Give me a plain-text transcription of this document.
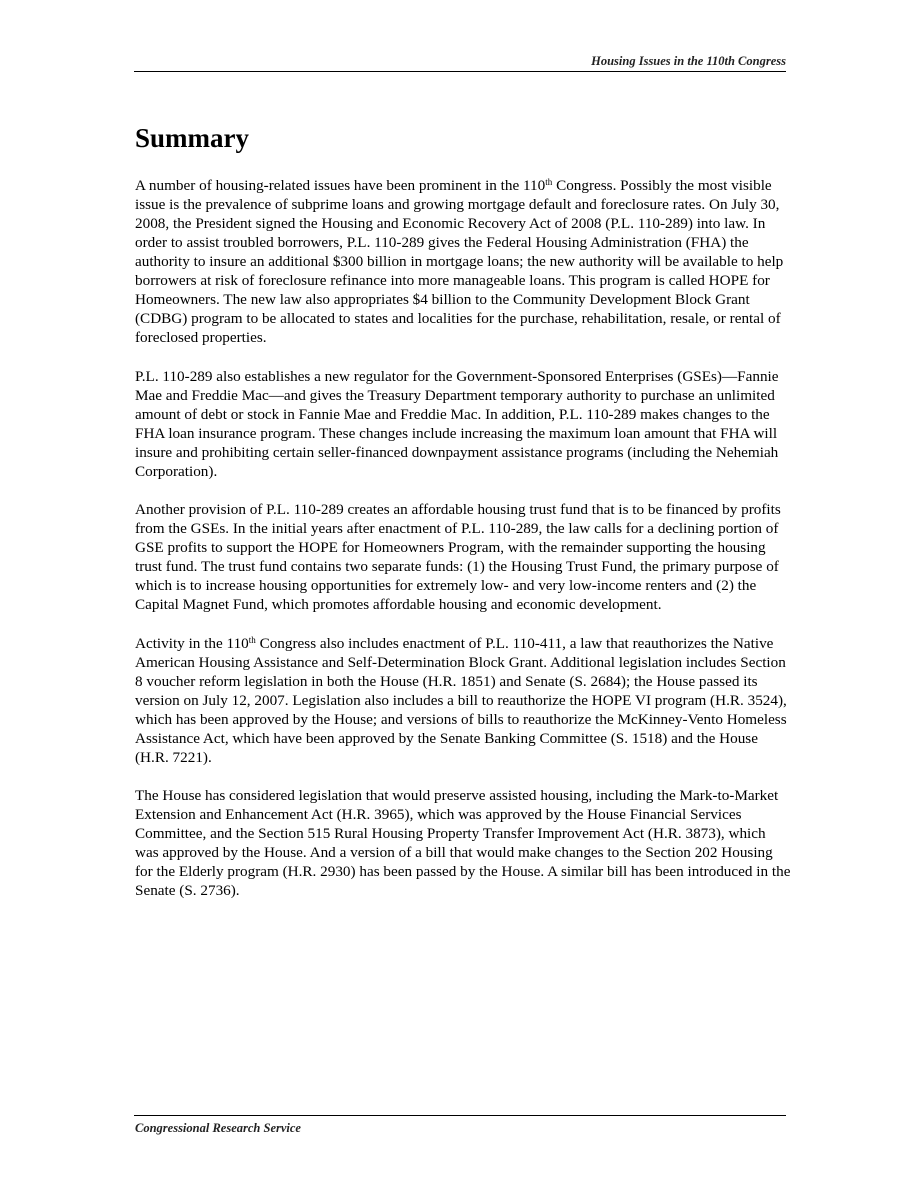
Housing Issues in the 110th Congress
Summary

A number of housing-related issues have been prominent in the 110th Congress. Possibly the most visible issue is the prevalence of subprime loans and growing mortgage default and foreclosure rates. On July 30, 2008, the President signed the Housing and Economic Recovery Act of 2008 (P.L. 110-289) into law. In order to assist troubled borrowers, P.L. 110-289 gives the Federal Housing Administration (FHA) the authority to insure an additional $300 billion in mortgage loans; the new authority will be available to help borrowers at risk of foreclosure refinance into more manageable loans. This program is called HOPE for Homeowners. The new law also appropriates $4 billion to the Community Development Block Grant (CDBG) program to be allocated to states and localities for the purchase, rehabilitation, resale, or rental of foreclosed properties.

P.L. 110-289 also establishes a new regulator for the Government-Sponsored Enterprises (GSEs)—Fannie Mae and Freddie Mac—and gives the Treasury Department temporary authority to purchase an unlimited amount of debt or stock in Fannie Mae and Freddie Mac. In addition, P.L. 110-289 makes changes to the FHA loan insurance program. These changes include increasing the maximum loan amount that FHA will insure and prohibiting certain seller-financed downpayment assistance programs (including the Nehemiah Corporation).

Another provision of P.L. 110-289 creates an affordable housing trust fund that is to be financed by profits from the GSEs. In the initial years after enactment of P.L. 110-289, the law calls for a declining portion of GSE profits to support the HOPE for Homeowners Program, with the remainder supporting the housing trust fund. The trust fund contains two separate funds: (1) the Housing Trust Fund, the primary purpose of which is to increase housing opportunities for extremely low- and very low-income renters and (2) the Capital Magnet Fund, which promotes affordable housing and economic development.

Activity in the 110th Congress also includes enactment of P.L. 110-411, a law that reauthorizes the Native American Housing Assistance and Self-Determination Block Grant. Additional legislation includes Section 8 voucher reform legislation in both the House (H.R. 1851) and Senate (S. 2684); the House passed its version on July 12, 2007. Legislation also includes a bill to reauthorize the HOPE VI program (H.R. 3524), which has been approved by the House; and versions of bills to reauthorize the McKinney-Vento Homeless Assistance Act, which have been approved by the Senate Banking Committee (S. 1518) and the House (H.R. 7221).

The House has considered legislation that would preserve assisted housing, including the Mark-to-Market Extension and Enhancement Act (H.R. 3965), which was approved by the House Financial Services Committee, and the Section 515 Rural Housing Property Transfer Improvement Act (H.R. 3873), which was approved by the House. And a version of a bill that would make changes to the Section 202 Housing for the Elderly program (H.R. 2930) has been passed by the House. A similar bill has been introduced in the Senate (S. 2736).

Congressional Research Service
